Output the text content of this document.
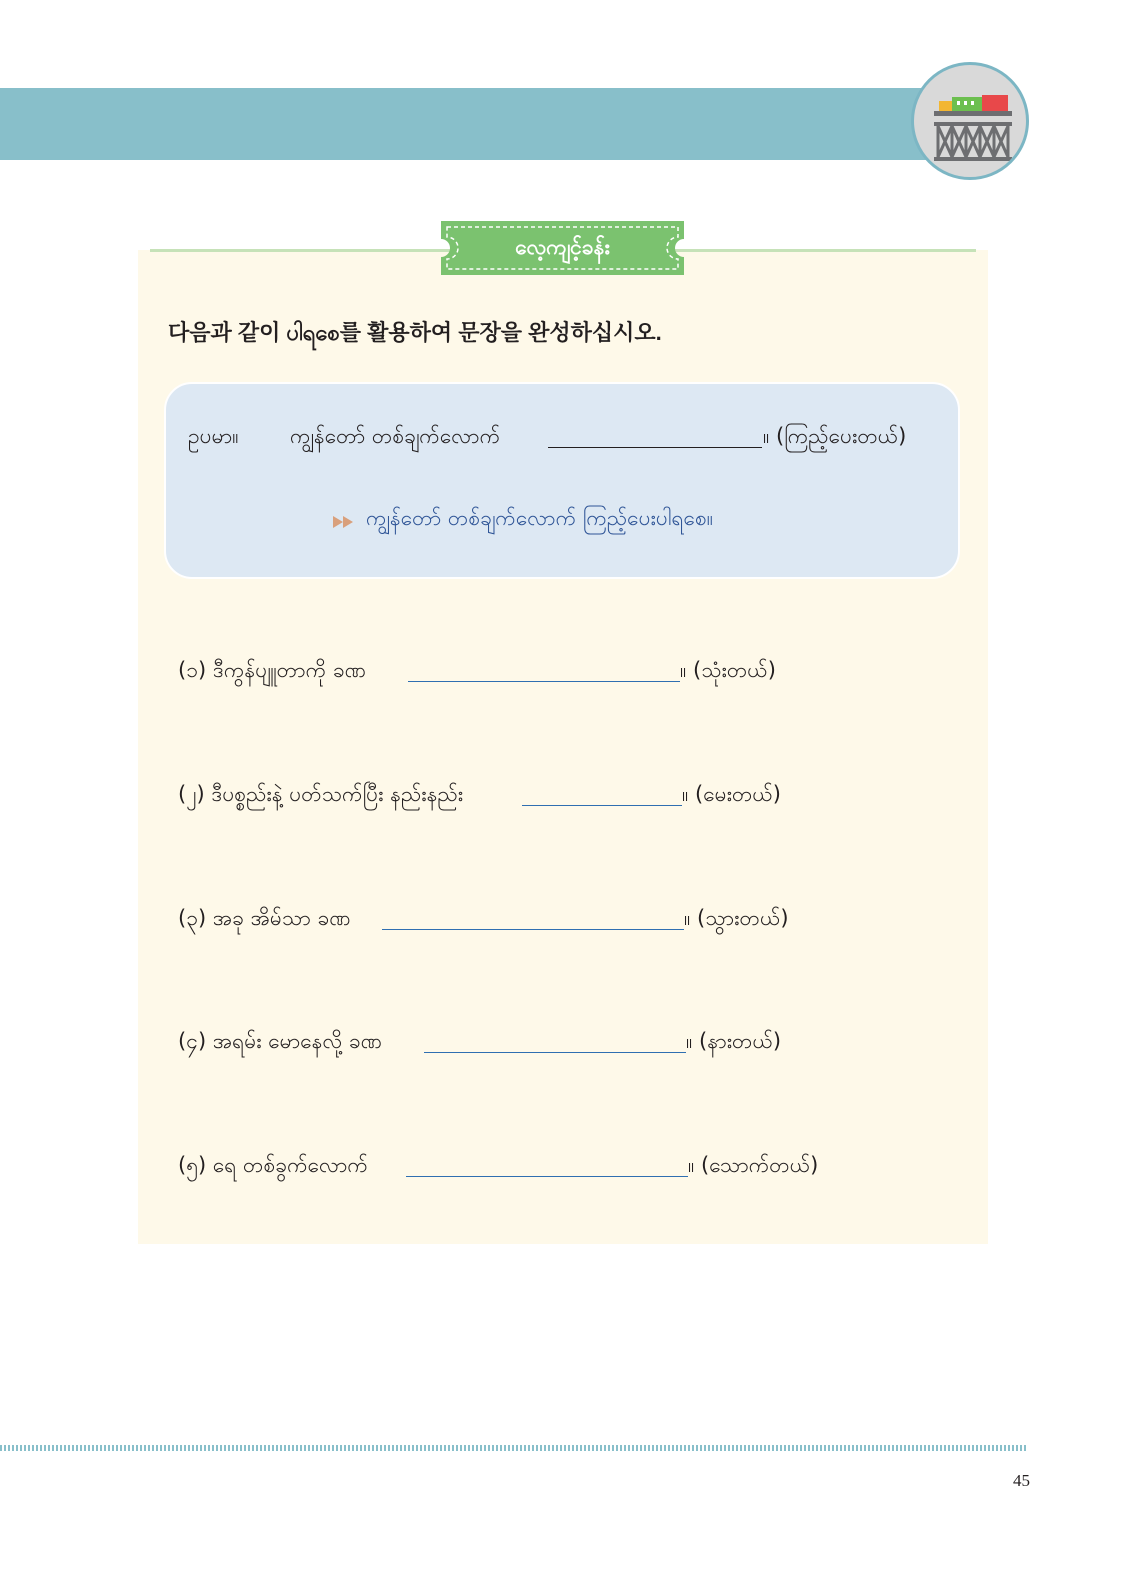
လေ့ကျင့်ခန်း
다음과 같이 ပါရစေ를 활용하여 문장을 완성하십시오.
ဥပမာ။ ကျွန်တော် တစ်ချက်လောက်	။ (ကြည့်ပေးတယ်)
ကျွန်တော် တစ်ချက်လောက် ကြည့်ပေးပါရစေ။
(၁) ဒီကွန်ပျူတာကို ခဏ	။ (သုံးတယ်)
(၂) ဒီပစ္စည်းနဲ့ ပတ်သက်ပြီး နည်းနည်း	။ (မေးတယ်)
(၃) အခု အိမ်သာ ခဏ	။ (သွားတယ်)
(၄) အရမ်း မောနေလို့ ခဏ	။ (နားတယ်)
(၅) ရေ တစ်ခွက်လောက်	။ (သောက်တယ်)
45
